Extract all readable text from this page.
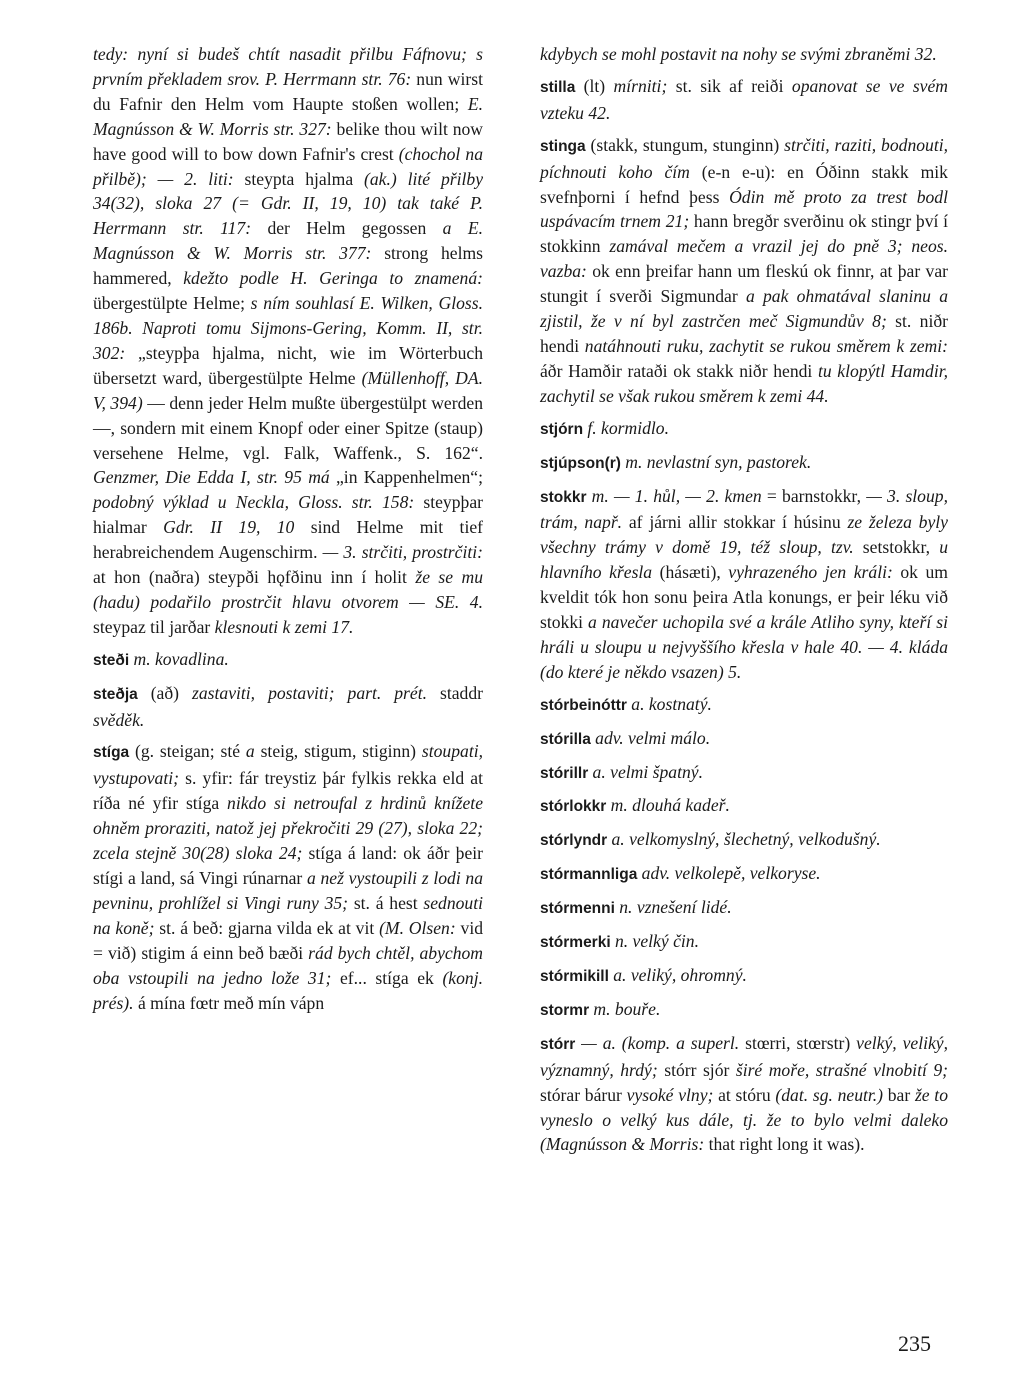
tedy: nyní si budeš chtít nasadit přilbu Fáfnovu; s prvním překladem srov. P. Herrmann str. 76: nun wirst du Fafnir den Helm vom Haupte stoßen wollen; E. Magnússon & W. Morris str. 327: belike thou wilt now have good will to bow down Fafnir's crest (chochol na přilbě); — 2. liti: steypta hjalma (ak.) lité přilby 34(32), sloka 27 (= Gdr. II, 19, 10) tak také P. Herrmann str. 117: der Helm gegossen a E. Magnússon & W. Morris str. 377: strong helms hammered, kdežto podle H. Geringa to znamená: übergestülpte Helme; s ním souhlasí E. Wilken, Gloss. 186b. Naproti tomu Sijmons-Gering, Komm. II, str. 302: „steypþa hjalma, nicht, wie im Wörterbuch übersetzt ward, übergestülpte Helme (Müllenhoff, DA. V, 394) — denn jeder Helm mußte übergestülpt werden —, sondern mit einem Knopf oder einer Spitze (staup) versehene Helme, vgl. Falk, Waffenk., S. 162“. Genzmer, Die Edda I, str. 95 má „in Kappenhelmen“; podobný výklad u Neckla, Gloss. str. 158: steypþar hialmar Gdr. II 19, 10 sind Helme mit tief herabreichendem Augenschirm. — 3. strčiti, prostrčiti: at hon (naðra) steypði hǫfðinu inn í holit že se mu (hadu) podařilo prostrčit hlavu otvorem — SE. 4. steypaz til jarðar klesnouti k zemi 17.

steði m. kovadlina.

steðja (að) zastaviti, postaviti; part. prét. staddr svěděk.

stíga (g. steigan; sté a steig, stigum, stiginn) stoupati, vystupovati; s. yfir: fár treystiz þár fylkis rekka eld at ríða né yfir stíga nikdo si netroufal z hrdinů knížete ohněm proraziti, natož jej překročiti 29 (27), sloka 22; zcela stejně 30(28) sloka 24; stíga á land: ok áðr þeir stígi a land, sá Vingi rúnarnar a než vystoupili z lodi na pevninu, prohlížel si Vingi runy 35; st. á hest sednouti na koně; st. á beð: gjarna vilda ek at vit (M. Olsen: vid = við) stigim á einn beð bæði rád bych chtěl, abychom oba vstoupili na jedno lože 31; ef... stíga ek (konj. prés). á mína fœtr með mín vápn

kdybych se mohl postavit na nohy se svými zbraněmi 32.

stilla (lt) mírniti; st. sik af reiði opanovat se ve svém vzteku 42.

stinga (stakk, stungum, stunginn) strčiti, raziti, bodnouti, píchnouti koho čím (e-n e-u): en Óðinn stakk mik svefnþorni í hefnd þess Ódin mě proto za trest bodl uspávacím trnem 21; hann bregðr sverðinu ok stingr því í stokkinn zamával mečem a vrazil jej do pně 3; neos. vazba: ok enn þreifar hann um fleskú ok finnr, at þar var stungit í sverði Sigmundar a pak ohmatával slaninu a zjistil, že v ní byl zastrčen meč Sigmundův 8; st. niðr hendi natáhnouti ruku, zachytit se rukou směrem k zemi: áðr Hamðir rataði ok stakk niðr hendi tu klopýtl Hamdir, zachytil se však rukou směrem k zemi 44.

stjórn f. kormidlo.

stjúpson(r) m. nevlastní syn, pastorek.

stokkr m. — 1. hůl, — 2. kmen = barnstokkr, — 3. sloup, trám, např. af járni allir stokkar í húsinu ze železa byly všechny trámy v domě 19, též sloup, tzv. setstokkr, u hlavního křesla (hásæti), vyhrazeného jen králi: ok um kveldit tók hon sonu þeira Atla konungs, er þeir léku við stokki a navečer uchopila své a krále Atliho syny, kteří si hráli u sloupu u nejvyššího křesla v hale 40. — 4. kláda (do které je někdo vsazen) 5.

stórbeinóttr a. kostnatý.

stórilla adv. velmi málo.

stórillr a. velmi špatný.

stórlokkr m. dlouhá kadeř.

stórlyndr a. velkomyslný, šlechetný, velkodušný.

stórmannliga adv. velkolepě, velkoryse.

stórmenni n. vznešení lidé.

stórmerki n. velký čin.

stórmikill a. veliký, ohromný.

stormr m. bouře.

stórr — a. (komp. a superl. stœrri, stœrstr) velký, veliký, významný, hrdý; stórr sjór širé moře, strašné vlnobití 9; stórar bárur vysoké vlny; at stóru (dat. sg. neutr.) bar že to vyneslo o velký kus dále, tj. že to bylo velmi daleko (Magnússon & Morris: that right long it was).

235
